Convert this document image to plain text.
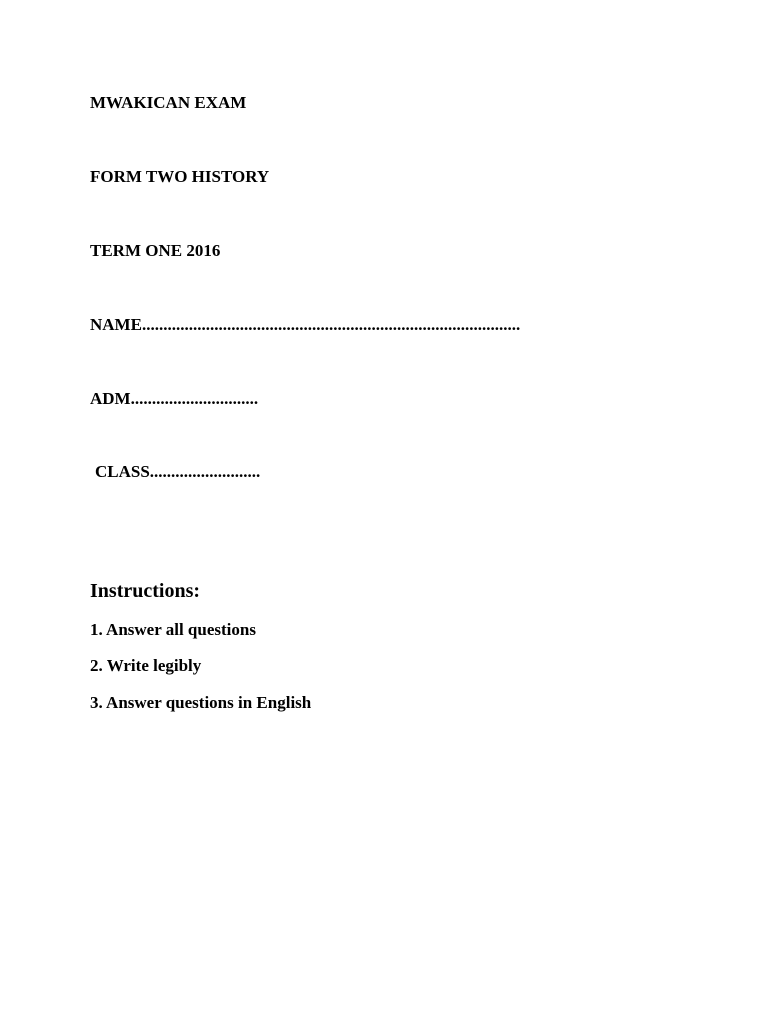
MWAKICAN EXAM
FORM TWO HISTORY
TERM ONE 2016
NAME.........................................................................................
ADM..............................
CLASS..........................
Instructions:
1. Answer all questions
2. Write legibly
3. Answer questions in English
